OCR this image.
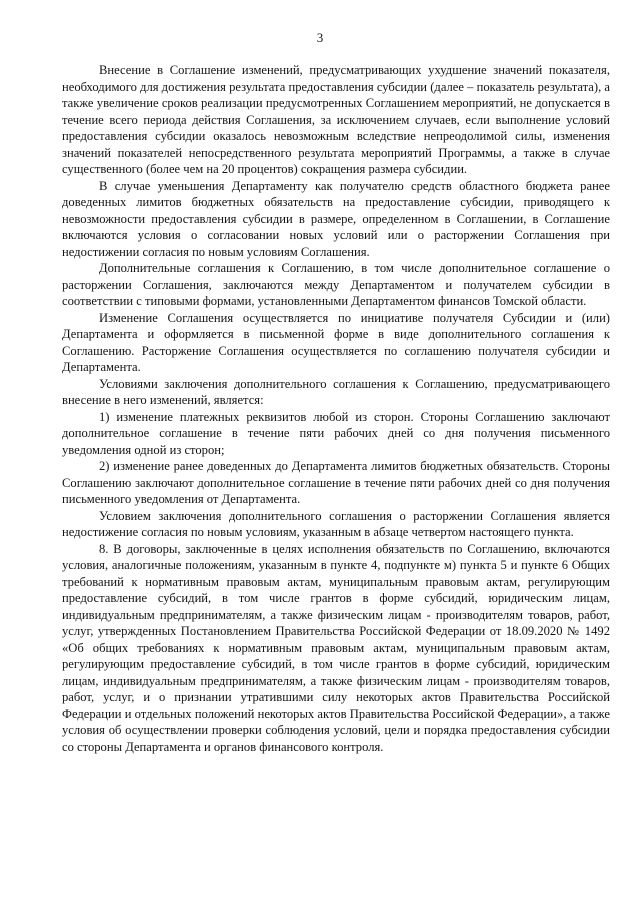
3

Внесение в Соглашение изменений, предусматривающих ухудшение значений показателя, необходимого для достижения результата предоставления субсидии (далее – показатель результата), а также увеличение сроков реализации предусмотренных Соглашением мероприятий, не допускается в течение всего периода действия Соглашения, за исключением случаев, если выполнение условий предоставления субсидии оказалось невозможным вследствие непреодолимой силы, изменения значений показателей непосредственного результата мероприятий Программы, а также в случае существенного (более чем на 20 процентов) сокращения размера субсидии.

В случае уменьшения Департаменту как получателю средств областного бюджета ранее доведенных лимитов бюджетных обязательств на предоставление субсидии, приводящего к невозможности предоставления субсидии в размере, определенном в Соглашении, в Соглашение включаются условия о согласовании новых условий или о расторжении Соглашения при недостижении согласия по новым условиям Соглашения.

Дополнительные соглашения к Соглашению, в том числе дополнительное соглашение о расторжении Соглашения, заключаются между Департаментом и получателем субсидии в соответствии с типовыми формами, установленными Департаментом финансов Томской области.

Изменение Соглашения осуществляется по инициативе получателя Субсидии и (или) Департамента и оформляется в письменной форме в виде дополнительного соглашения к Соглашению. Расторжение Соглашения осуществляется по соглашению получателя субсидии и Департамента.

Условиями заключения дополнительного соглашения к Соглашению, предусматривающего внесение в него изменений, является:

1) изменение платежных реквизитов любой из сторон. Стороны Соглашению заключают дополнительное соглашение в течение пяти рабочих дней со дня получения письменного уведомления одной из сторон;

2) изменение ранее доведенных до Департамента лимитов бюджетных обязательств. Стороны Соглашению заключают дополнительное соглашение в течение пяти рабочих дней со дня получения письменного уведомления от Департамента.

Условием заключения дополнительного соглашения о расторжении Соглашения является недостижение согласия по новым условиям, указанным в абзаце четвертом настоящего пункта.

8. В договоры, заключенные в целях исполнения обязательств по Соглашению, включаются условия, аналогичные положениям, указанным в пункте 4, подпункте м) пункта 5 и пункте 6 Общих требований к нормативным правовым актам, муниципальным правовым актам, регулирующим предоставление субсидий, в том числе грантов в форме субсидий, юридическим лицам, индивидуальным предпринимателям, а также физическим лицам - производителям товаров, работ, услуг, утвержденных Постановлением Правительства Российской Федерации от 18.09.2020 № 1492 «Об общих требованиях к нормативным правовым актам, муниципальным правовым актам, регулирующим предоставление субсидий, в том числе грантов в форме субсидий, юридическим лицам, индивидуальным предпринимателям, а также физическим лицам - производителям товаров, работ, услуг, и о признании утратившими силу некоторых актов Правительства Российской Федерации и отдельных положений некоторых актов Правительства Российской Федерации», а также условия об осуществлении проверки соблюдения условий, цели и порядка предоставления субсидии со стороны Департамента и органов финансового контроля.
